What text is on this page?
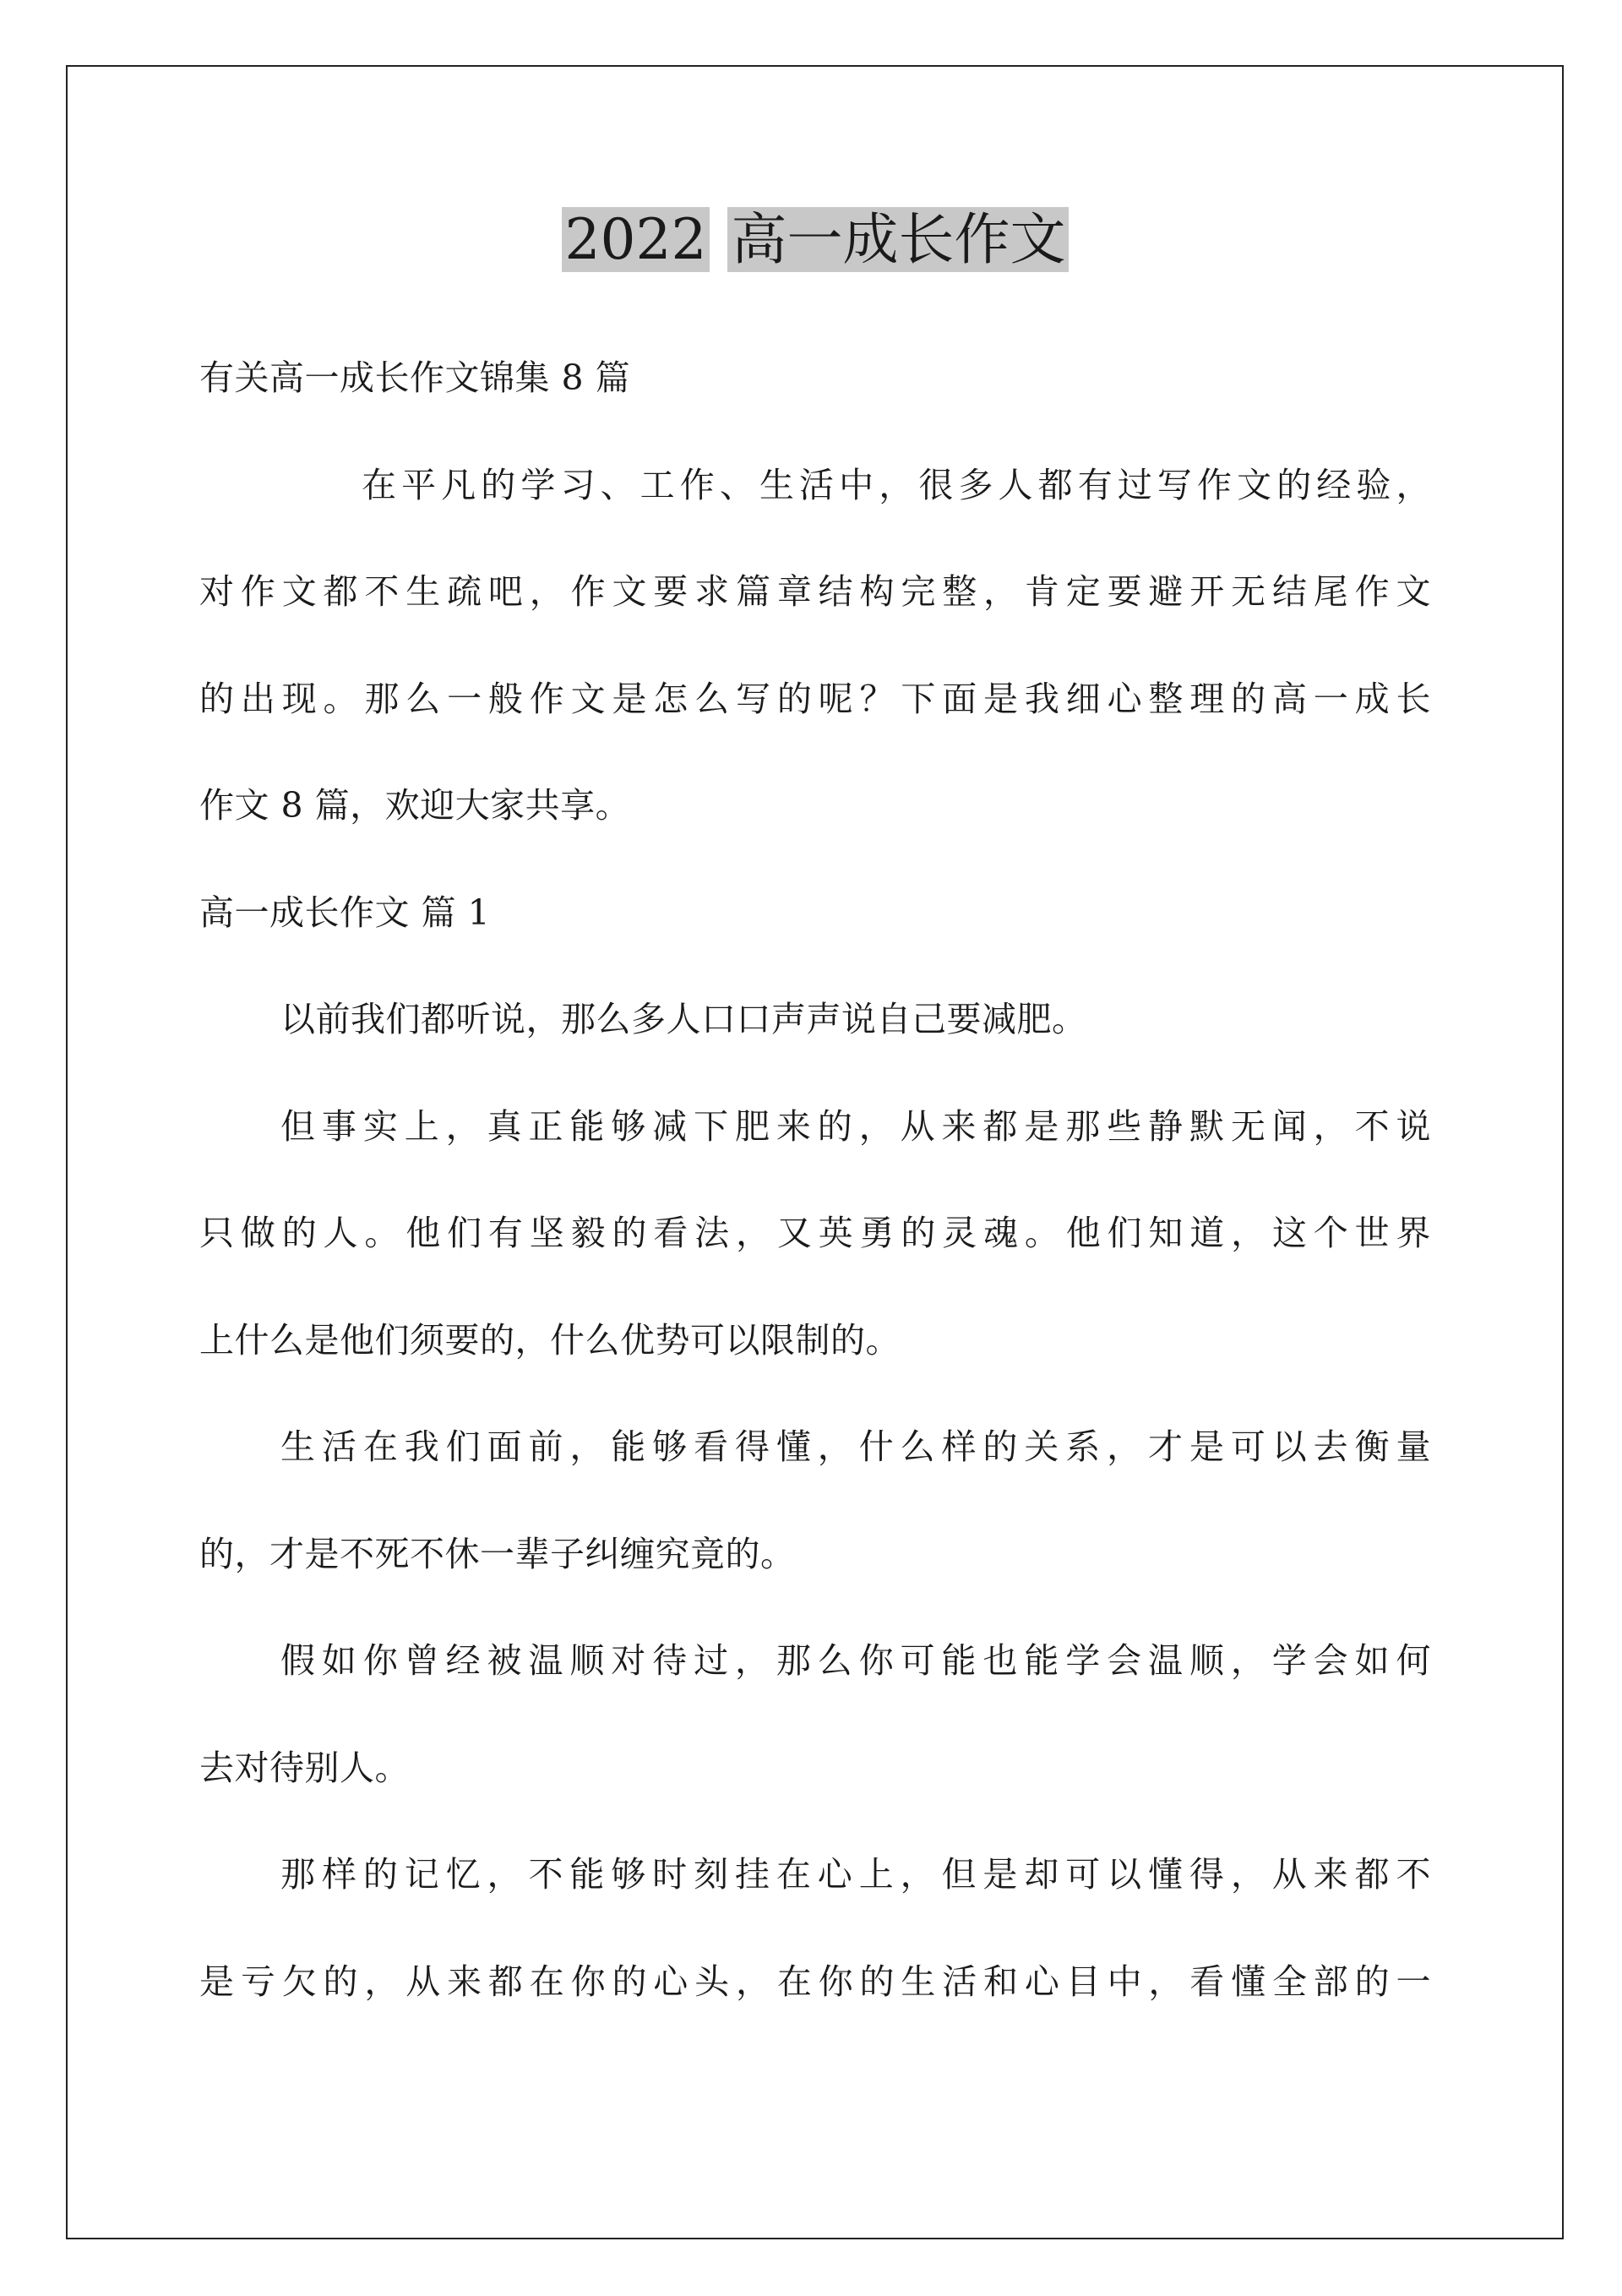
2022 高一成长作文
有关高一成长作文锦集 8 篇
在平凡的学习、工作、生活中，很多人都有过写作文的经验，
对作文都不生疏吧，作文要求篇章结构完整，肯定要避开无结尾作文
的出现。那么一般作文是怎么写的呢？下面是我细心整理的高一成长
作文 8 篇，欢迎大家共享。
高一成长作文 篇 1
以前我们都听说，那么多人口口声声说自己要减肥。
但事实上，真正能够减下肥来的，从来都是那些静默无闻，不说
只做的人。他们有坚毅的看法，又英勇的灵魂。他们知道，这个世界
上什么是他们须要的，什么优势可以限制的。
生活在我们面前，能够看得懂，什么样的关系，才是可以去衡量
的，才是不死不休一辈子纠缠究竟的。
假如你曾经被温顺对待过，那么你可能也能学会温顺，学会如何
去对待别人。
那样的记忆，不能够时刻挂在心上，但是却可以懂得，从来都不
是亏欠的，从来都在你的心头，在你的生活和心目中，看懂全部的一
